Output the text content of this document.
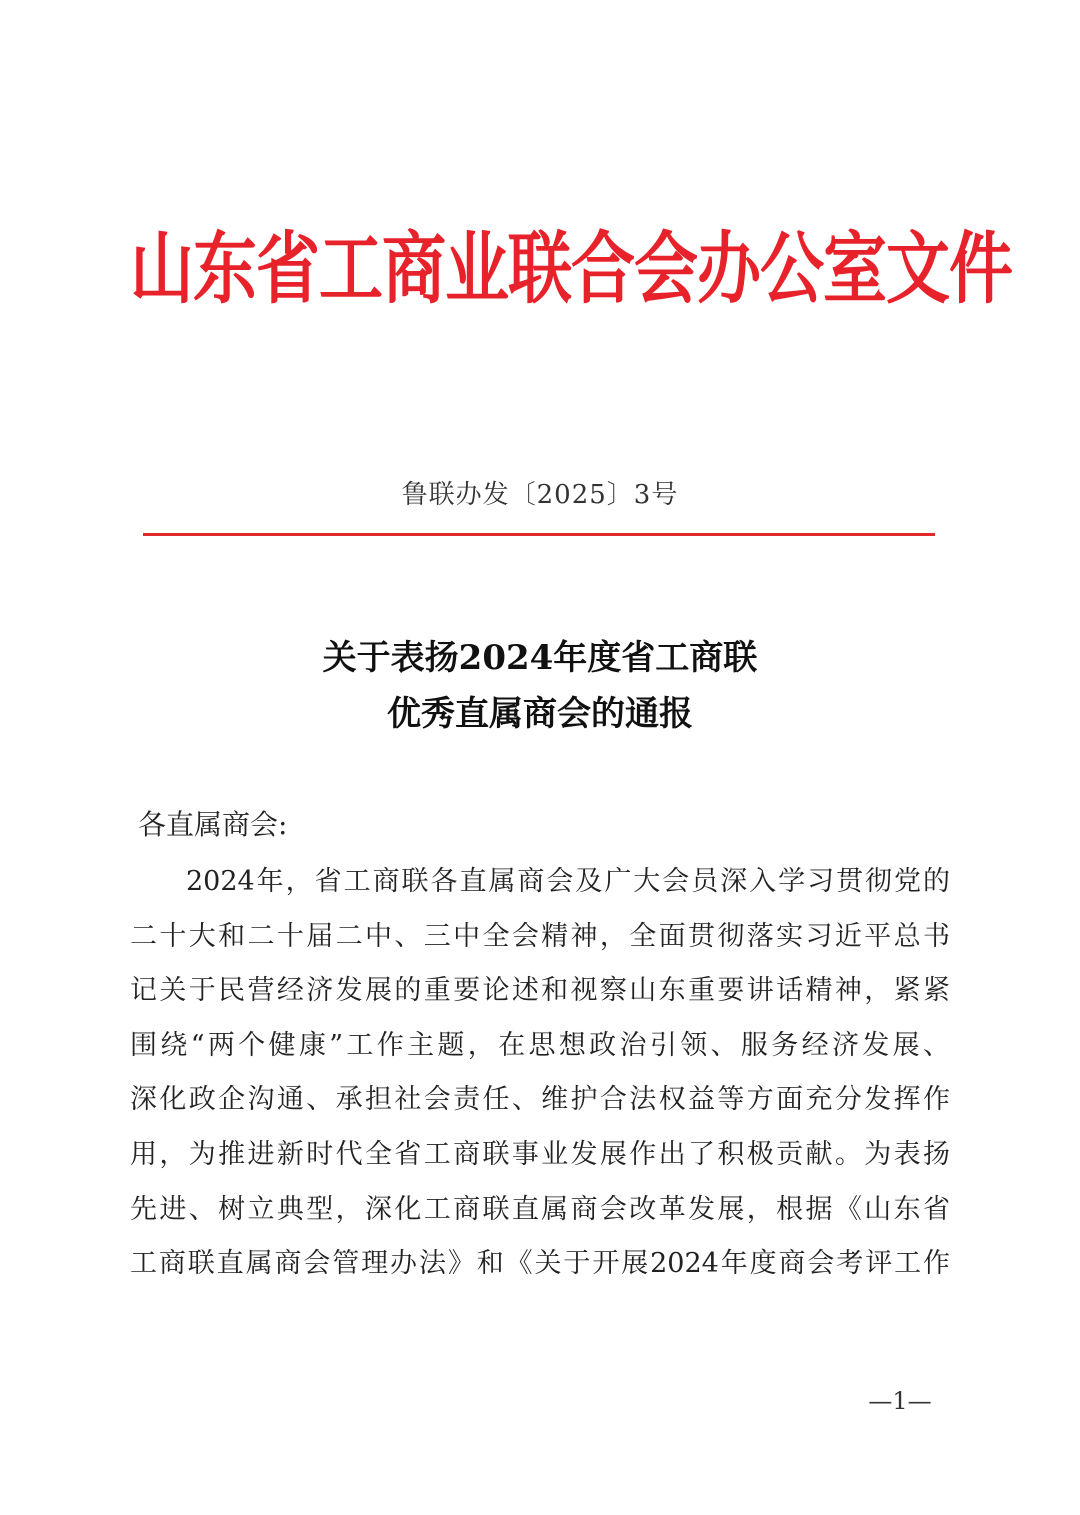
山东省工商业联合会办公室文件
鲁联办发〔2025〕3号
关于表扬2024年度省工商联
优秀直属商会的通报
各直属商会:
2024年，省工商联各直属商会及广大会员深入学习贯彻党的
二十大和二十届二中、三中全会精神，全面贯彻落实习近平总书
记关于民营经济发展的重要论述和视察山东重要讲话精神，紧紧
围绕“两个健康”工作主题，在思想政治引领、服务经济发展、
深化政企沟通、承担社会责任、维护合法权益等方面充分发挥作
用，为推进新时代全省工商联事业发展作出了积极贡献。为表扬
先进、树立典型，深化工商联直属商会改革发展，根据《山东省
工商联直属商会管理办法》和《关于开展2024年度商会考评工作
—1—
